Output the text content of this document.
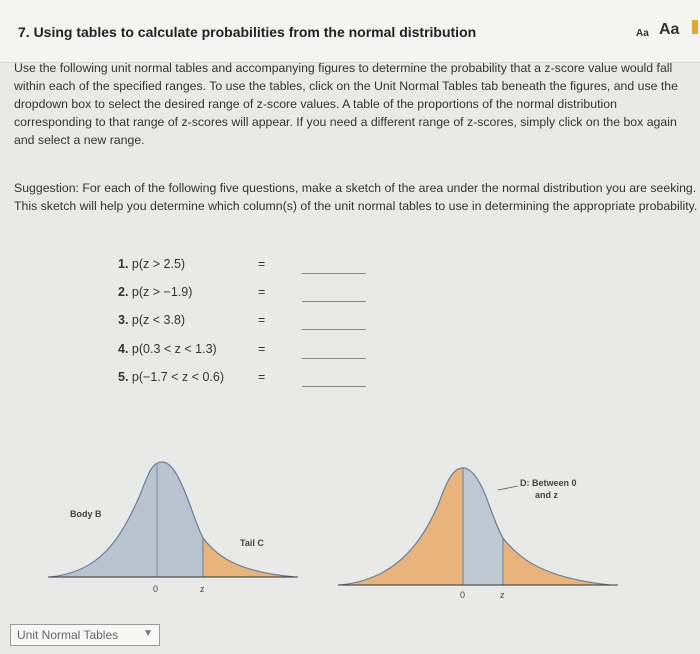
7. Using tables to calculate probabilities from the normal distribution	Aa Aa
Use the following unit normal tables and accompanying figures to determine the probability that a z-score value would fall within each of the specified ranges. To use the tables, click on the Unit Normal Tables tab beneath the figures, and use the dropdown box to select the desired range of z-score values. A table of the proportions of the normal distribution corresponding to that range of z-scores will appear. If you need a different range of z-scores, simply click on the box again and select a new range.
Suggestion: For each of the following five questions, make a sketch of the area under the normal distribution you are seeking. This sketch will help you determine which column(s) of the unit normal tables to use in determining the appropriate probability.
1. p(z > 2.5)	=
2. p(z > −1.9)	=
3. p(z < 3.8)	=
4. p(0.3 < z < 1.3)	=
5. p(−1.7 < z < 0.6)	=
Body B
Tail C
0	z
D: Between 0
and z
0	z
Unit Normal Tables ▼
